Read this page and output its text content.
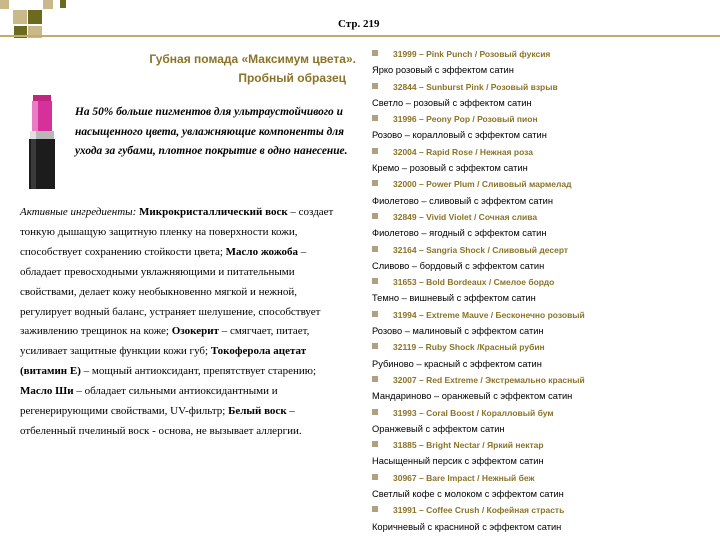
Стр. 219
Губная помада «Максимум цвета».
Пробный образец
На 50% больше пигментов для ультраустойчивого и насыщенного цвета, увлажняющие компоненты для ухода за губами, плотное покрытие в одно нанесение.
Активные ингредиенты: Микрокристаллический воск – создает тонкую дышащую защитную пленку на поверхности кожи, способствует сохранению стойкости цвета; Масло жожоба – обладает превосходными увлажняющими и питательными свойствами, делает кожу необыкновенно мягкой и нежной, регулирует водный баланс, устраняет шелушение, способствует заживлению трещинок на коже; Озокерит – смягчает, питает, усиливает защитные функции кожи губ; Токоферола ацетат (витамин Е) – мощный антиоксидант, препятствует старению; Масло Ши – обладает сильными антиоксидантными и регенерирующими свойствами, UV-фильтр; Белый воск – отбеленный пчелиный воск - основа, не вызывает аллергии.
31999 – Pink Punch / Розовый фуксия
Ярко розовый с эффектом сатин
32844 – Sunburst Pink / Розовый взрыв
Светло – розовый с эффектом сатин
31996 – Peony Pop / Розовый пион
Розово – коралловый с эффектом сатин
32004 – Rapid Rose / Нежная роза
Кремо – розовый с эффектом сатин
32000 – Power Plum / Сливовый мармелад
Фиолетово – сливовый с эффектом сатин
32849 – Vivid Violet / Сочная слива
Фиолетово – ягодный с эффектом сатин
32164 – Sangria Shock / Сливовый десерт
Сливово – бордовый с эффектом сатин
31653 – Bold Bordeaux / Смелое бордо
Темно – вишневый с эффектом сатин
31994 – Extreme Mauve / Бесконечно розовый
Розово – малиновый с эффектом сатин
32119 – Ruby Shock /Красный рубин
Рубиново – красный с эффектом сатин
32007 – Red Extreme / Экстремально красный
Мандариново – оранжевый с эффектом сатин
31993 – Coral Boost / Коралловый бум
Оранжевый с эффектом сатин
31885 – Bright Nectar / Яркий нектар
Насыщенный персик с эффектом сатин
30967 – Bare Impact / Нежный беж
Светлый кофе с молоком с эффектом сатин
31991 – Coffee Crush / Кофейная страсть
Коричневый с красниной с эффектом сатин
